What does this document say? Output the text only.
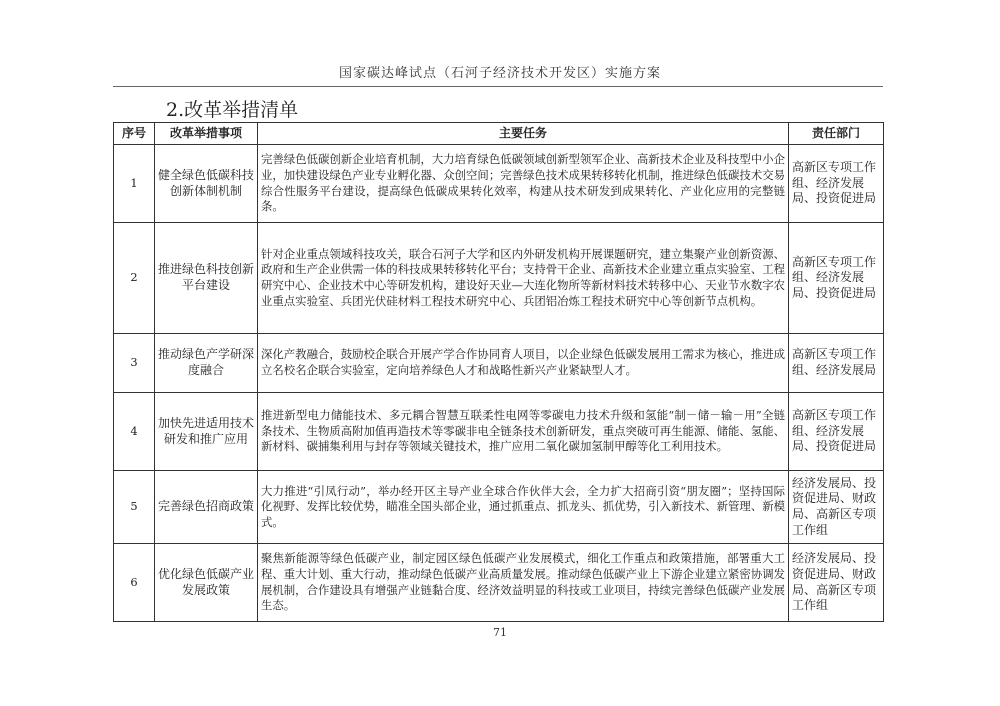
国家碳达峰试点（石河子经济技术开发区）实施方案
2.改革举措清单
序号	改革举措事项	主要任务	责任部门
1	健全绿色低碳科技创新体制机制	完善绿色低碳创新企业培育机制，大力培育绿色低碳领域创新型领军企业、高新技术企业及科技型中小企业，加快建设绿色产业专业孵化器、众创空间；完善绿色技术成果转移转化机制，推进绿色低碳技术交易综合性服务平台建设，提高绿色低碳成果转化效率，构建从技术研发到成果转化、产业化应用的完整链条。	高新区专项工作组、经济发展局、投资促进局
2	推进绿色科技创新平台建设	针对企业重点领域科技攻关，联合石河子大学和区内外研发机构开展课题研究，建立集聚产业创新资源、政府和生产企业供需一体的科技成果转移转化平台；支持骨干企业、高新技术企业建立重点实验室、工程研究中心、企业技术中心等研发机构，建设好天业—大连化物所等新材料技术转移中心、天业节水数字农业重点实验室、兵团光伏硅材料工程技术研究中心、兵团铝冶炼工程技术研究中心等创新节点机构。	高新区专项工作组、经济发展局、投资促进局
3	推动绿色产学研深度融合	深化产教融合，鼓励校企联合开展产学合作协同育人项目，以企业绿色低碳发展用工需求为核心，推进成立名校名企联合实验室，定向培养绿色人才和战略性新兴产业紧缺型人才。	高新区专项工作组、经济发展局
4	加快先进适用技术研发和推广应用	推进新型电力储能技术、多元耦合智慧互联柔性电网等零碳电力技术升级和氢能“制－储－输－用”全链条技术、生物质高附加值再造技术等零碳非电全链条技术创新研发，重点突破可再生能源、储能、氢能、新材料、碳捕集利用与封存等领域关键技术，推广应用二氧化碳加氢制甲醇等化工利用技术。	高新区专项工作组、经济发展局、投资促进局
5	完善绿色招商政策	大力推进“引凤行动”，举办经开区主导产业全球合作伙伴大会，全力扩大招商引资“朋友圈”；坚持国际化视野、发挥比较优势，瞄准全国头部企业，通过抓重点、抓龙头、抓优势，引入新技术、新管理、新模式。	经济发展局、投资促进局、财政局、高新区专项工作组
6	优化绿色低碳产业发展政策	聚焦新能源等绿色低碳产业，制定园区绿色低碳产业发展模式，细化工作重点和政策措施，部署重大工程、重大计划、重大行动，推动绿色低碳产业高质量发展。推动绿色低碳产业上下游企业建立紧密协调发展机制，合作建设具有增强产业链黏合度、经济效益明显的科技或工业项目，持续完善绿色低碳产业发展生态。	经济发展局、投资促进局、财政局、高新区专项工作组
71
